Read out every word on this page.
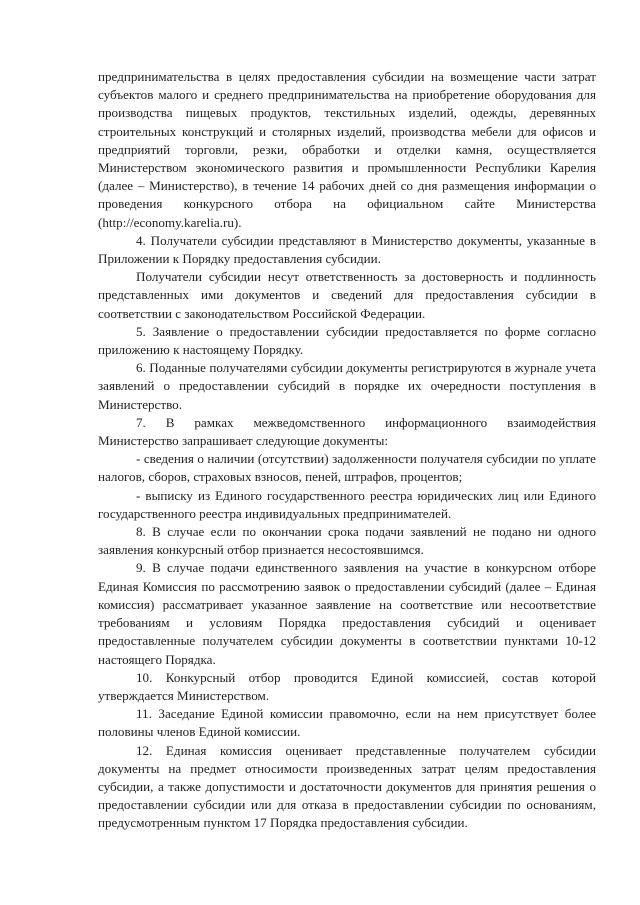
предпринимательства в целях предоставления субсидии на возмещение части затрат субъектов малого и среднего предпринимательства на приобретение оборудования для производства пищевых продуктов, текстильных изделий, одежды, деревянных строительных конструкций и столярных изделий, производства мебели для офисов и предприятий торговли, резки, обработки и отделки камня, осуществляется Министерством экономического развития и промышленности Республики Карелия (далее – Министерство), в течение 14 рабочих дней со дня размещения информации о проведения конкурсного отбора на официальном сайте Министерства (http://economy.karelia.ru).

4. Получатели субсидии представляют в Министерство документы, указанные в Приложении к Порядку предоставления субсидии.

Получатели субсидии несут ответственность за достоверность и подлинность представленных ими документов и сведений для предоставления субсидии в соответствии с законодательством Российской Федерации.

5. Заявление о предоставлении субсидии предоставляется по форме согласно приложению к настоящему Порядку.

6. Поданные получателями субсидии документы регистрируются в журнале учета заявлений о предоставлении субсидий в порядке их очередности поступления в Министерство.

7. В рамках межведомственного информационного взаимодействия Министерство запрашивает следующие документы:

- сведения о наличии (отсутствии) задолженности получателя субсидии по уплате налогов, сборов, страховых взносов, пеней, штрафов, процентов;

- выписку из Единого государственного реестра юридических лиц или Единого государственного реестра индивидуальных предпринимателей.

8. В случае если по окончании срока подачи заявлений не подано ни одного заявления конкурсный отбор признается несостоявшимся.

9. В случае подачи единственного заявления на участие в конкурсном отборе Единая Комиссия по рассмотрению заявок о предоставлении субсидий (далее – Единая комиссия) рассматривает указанное заявление на соответствие или несоответствие требованиям и условиям Порядка предоставления субсидий и оценивает предоставленные получателем субсидии документы в соответствии пунктами 10-12 настоящего Порядка.

10. Конкурсный отбор проводится Единой комиссией, состав которой утверждается Министерством.

11. Заседание Единой комиссии правомочно, если на нем присутствует более половины членов Единой комиссии.

12. Единая комиссия оценивает представленные получателем субсидии документы на предмет относимости произведенных затрат целям предоставления субсидии, а также допустимости и достаточности документов для принятия решения о предоставлении субсидии или для отказа в предоставлении субсидии по основаниям, предусмотренным пунктом 17 Порядка предоставления субсидии.
